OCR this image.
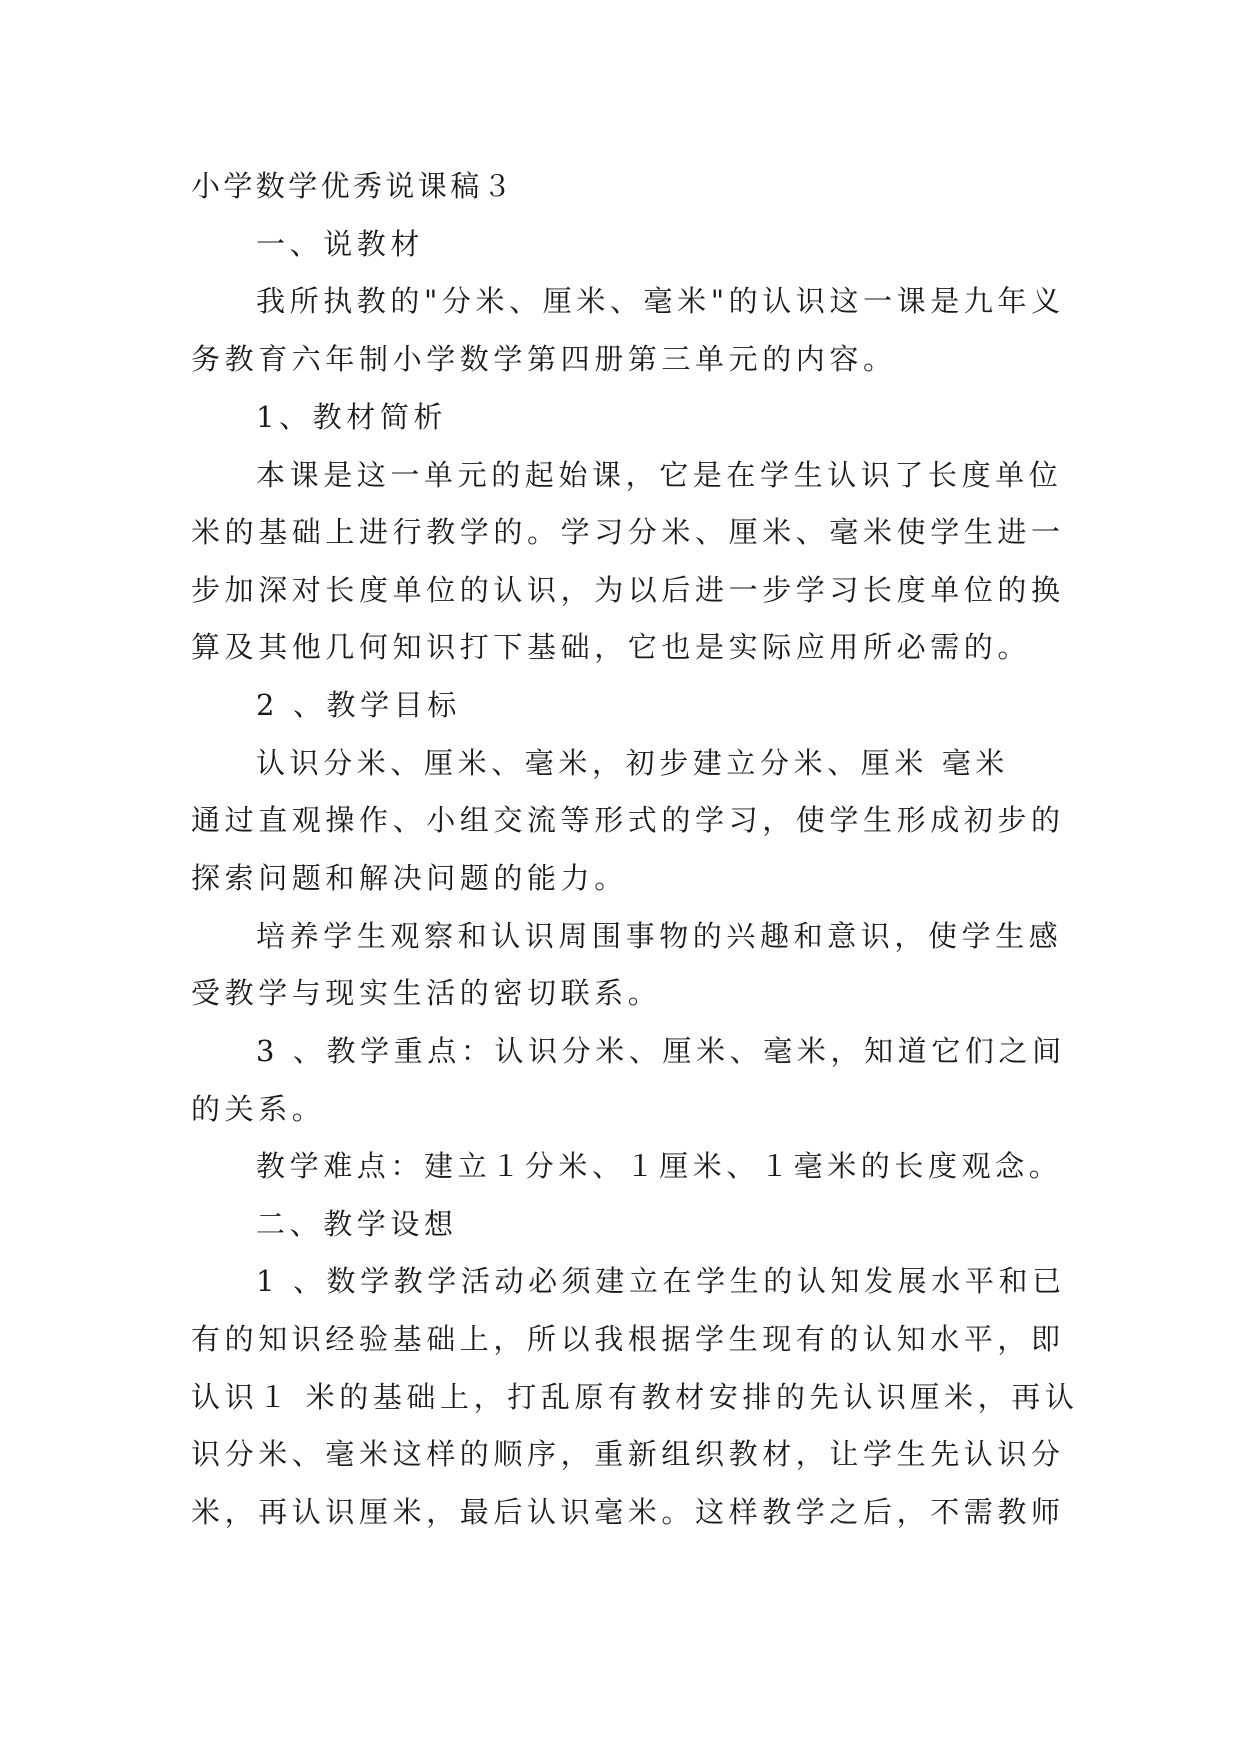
小学数学优秀说课稿３

一、说教材

我所执教的"分米、厘米、毫米"的认识这一课是九年义

务教育六年制小学数学第四册第三单元的内容。

1、教材简析

本课是这一单元的起始课，它是在学生认识了长度单位

米的基础上进行教学的。学习分米、厘米、毫米使学生进一

步加深对长度单位的认识，为以后进一步学习长度单位的换

算及其他几何知识打下基础，它也是实际应用所必需的。

2 、教学目标

认识分米、厘米、毫米，初步建立分米、厘米 毫米

通过直观操作、小组交流等形式的学习，使学生形成初步的

探索问题和解决问题的能力。

培养学生观察和认识周围事物的兴趣和意识，使学生感

受教学与现实生活的密切联系。

3 、教学重点：认识分米、厘米、毫米，知道它们之间

的关系。

教学难点：建立１分米、１厘米、１毫米的长度观念。

二、教学设想

1 、数学教学活动必须建立在学生的认知发展水平和已

有的知识经验基础上，所以我根据学生现有的认知水平，即

认识１ 米的基础上，打乱原有教材安排的先认识厘米，再认

识分米、毫米这样的顺序，重新组织教材，让学生先认识分

米，再认识厘米，最后认识毫米。这样教学之后，不需教师
